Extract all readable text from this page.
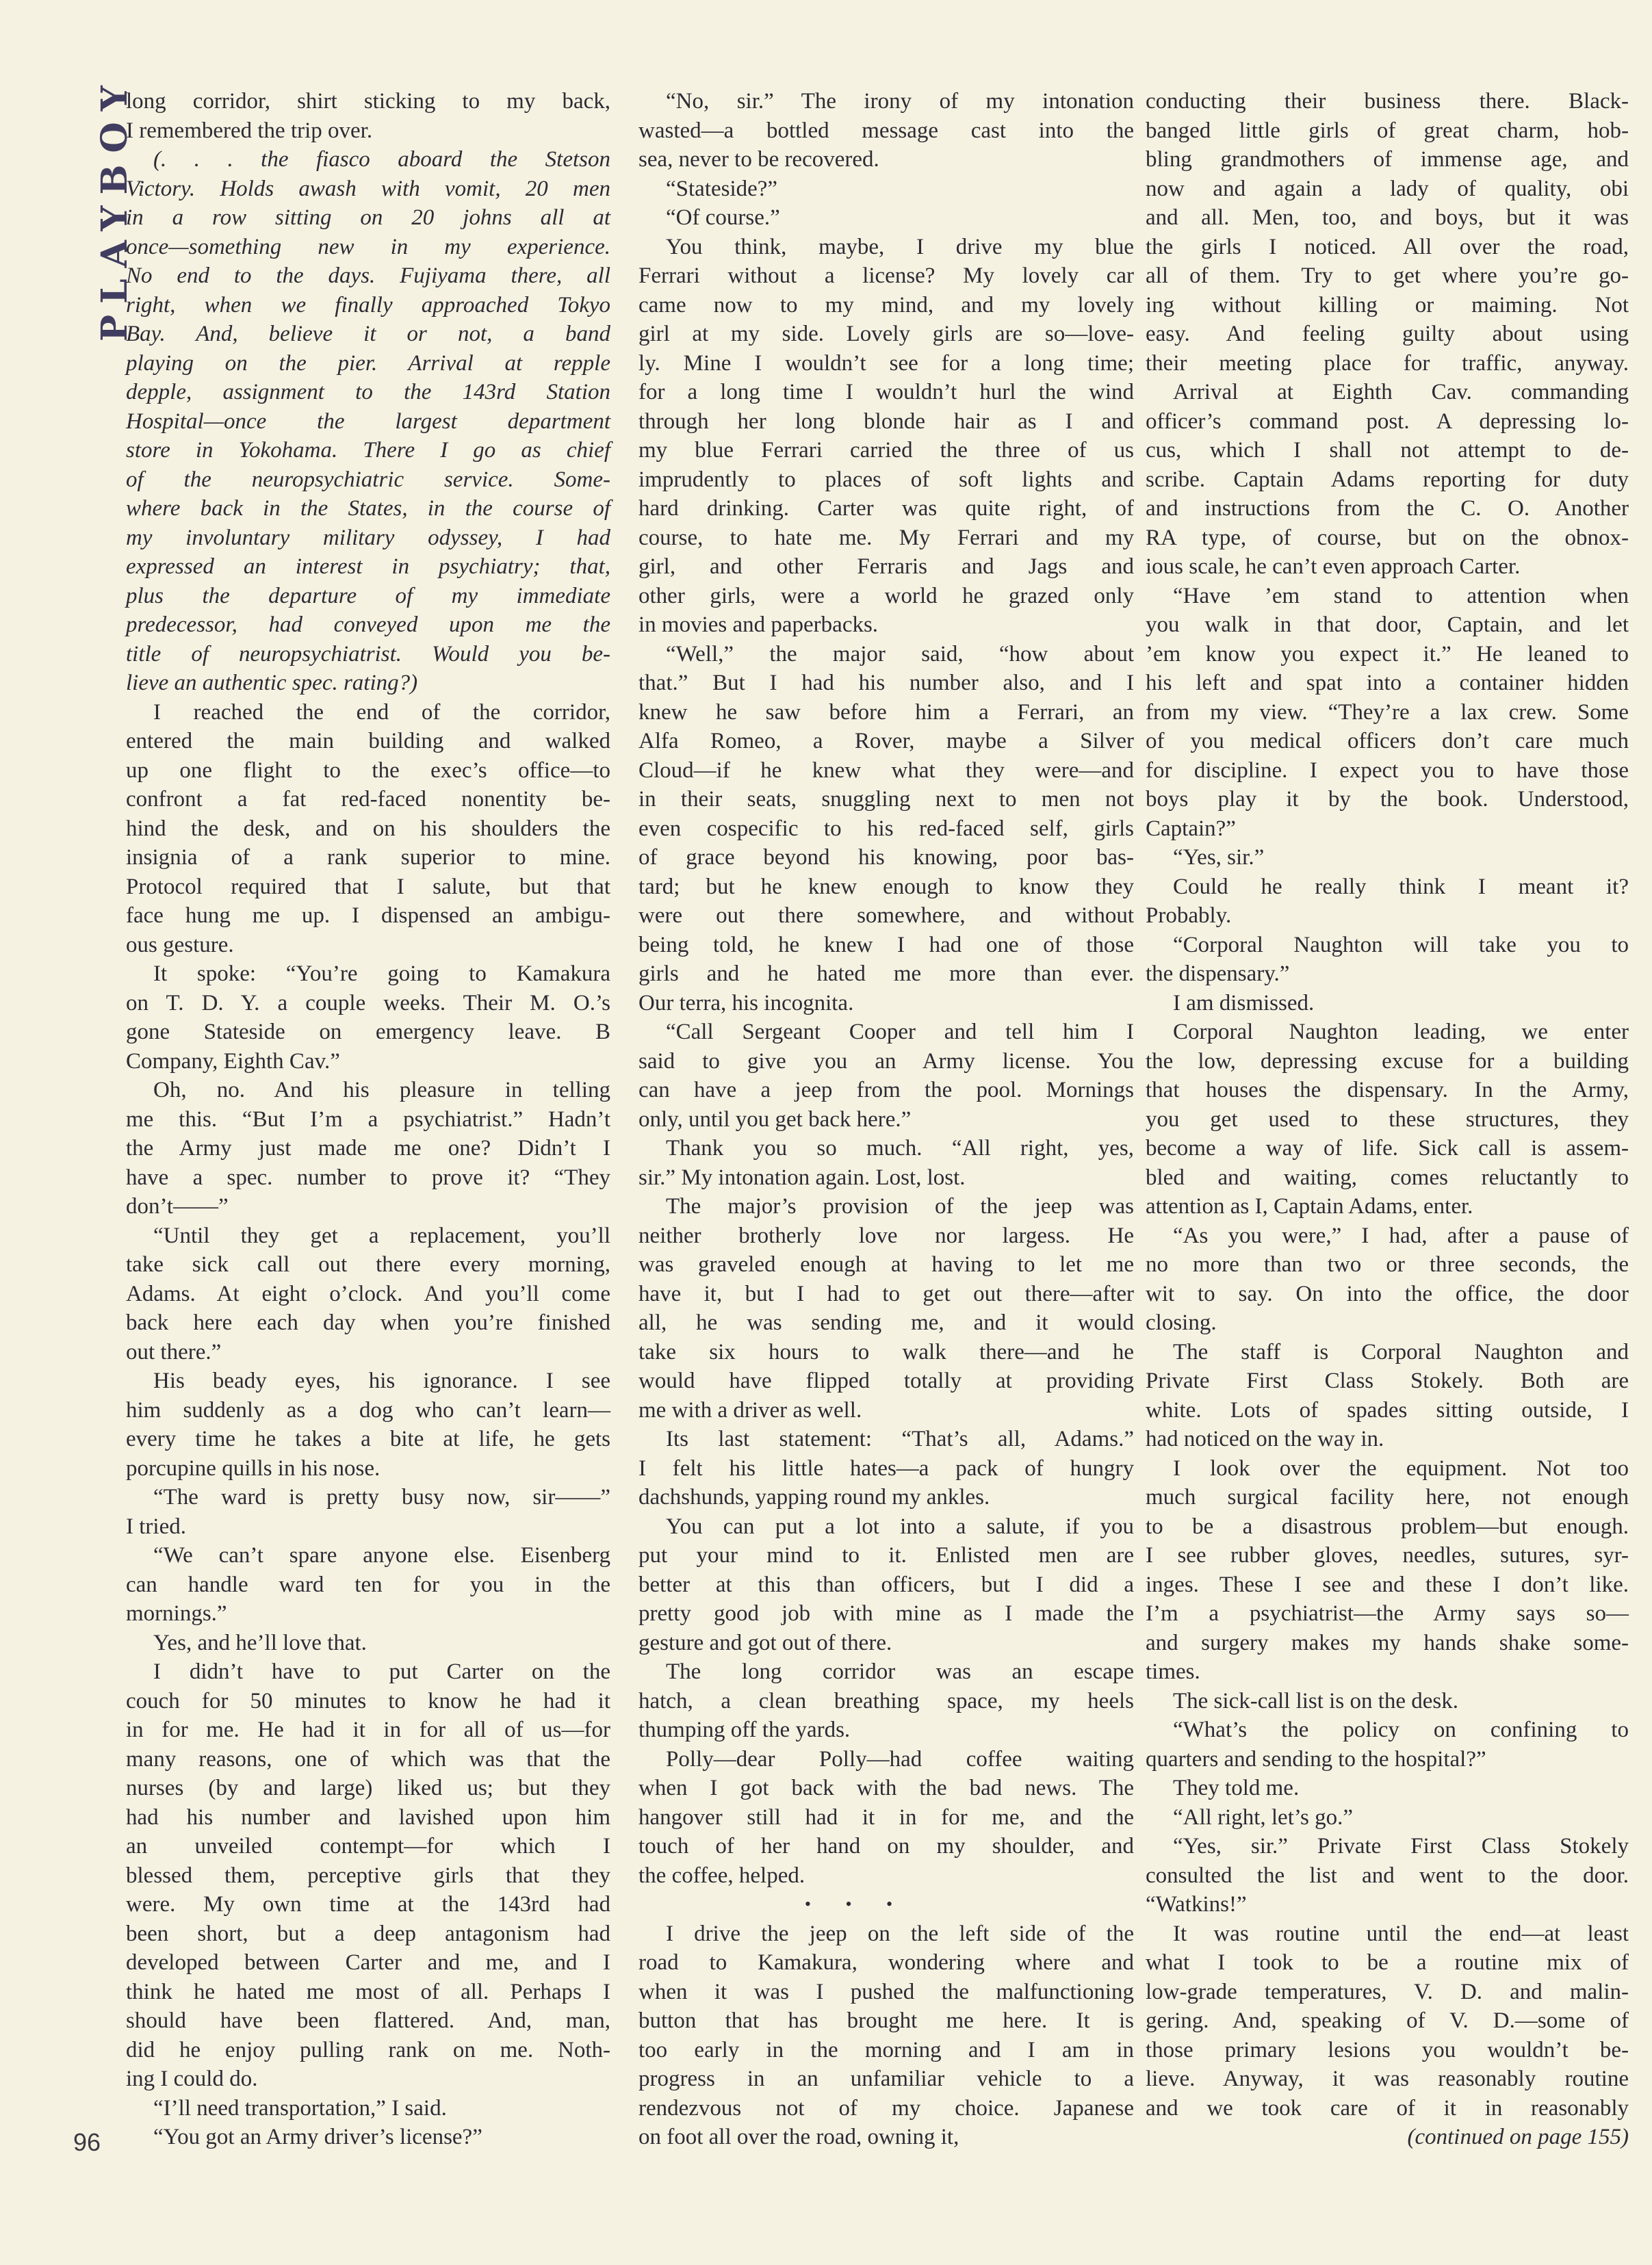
PLAYBOY
96
long corridor, shirt sticking to my back,
I remembered the trip over.
(. . . the fiasco aboard the Stetson
Victory. Holds awash with vomit, 20 men
in a row sitting on 20 johns all at
once—something new in my experience.
No end to the days. Fujiyama there, all
right, when we finally approached Tokyo
Bay. And, believe it or not, a band
playing on the pier. Arrival at repple
depple, assignment to the 143rd Station
Hospital—once the largest department
store in Yokohama. There I go as chief
of the neuropsychiatric service. Some-
where back in the States, in the course of
my involuntary military odyssey, I had
expressed an interest in psychiatry; that,
plus the departure of my immediate
predecessor, had conveyed upon me the
title of neuropsychiatrist. Would you be-
lieve an authentic spec. rating?)
I reached the end of the corridor,
entered the main building and walked
up one flight to the exec’s office—to
confront a fat red-faced nonentity be-
hind the desk, and on his shoulders the
insignia of a rank superior to mine.
Protocol required that I salute, but that
face hung me up. I dispensed an ambigu-
ous gesture.
It spoke: “You’re going to Kamakura
on T. D. Y. a couple weeks. Their M. O.’s
gone Stateside on emergency leave. B
Company, Eighth Cav.”
Oh, no. And his pleasure in telling
me this. “But I’m a psychiatrist.” Hadn’t
the Army just made me one? Didn’t I
have a spec. number to prove it? “They
don’t——”
“Until they get a replacement, you’ll
take sick call out there every morning,
Adams. At eight o’clock. And you’ll come
back here each day when you’re finished
out there.”
His beady eyes, his ignorance. I see
him suddenly as a dog who can’t learn—
every time he takes a bite at life, he gets
porcupine quills in his nose.
“The ward is pretty busy now, sir——”
I tried.
“We can’t spare anyone else. Eisenberg
can handle ward ten for you in the
mornings.”
Yes, and he’ll love that.
I didn’t have to put Carter on the
couch for 50 minutes to know he had it
in for me. He had it in for all of us—for
many reasons, one of which was that the
nurses (by and large) liked us; but they
had his number and lavished upon him
an unveiled contempt—for which I
blessed them, perceptive girls that they
were. My own time at the 143rd had
been short, but a deep antagonism had
developed between Carter and me, and I
think he hated me most of all. Perhaps I
should have been flattered. And, man,
did he enjoy pulling rank on me. Noth-
ing I could do.
“I’ll need transportation,” I said.
“You got an Army driver’s license?”
“No, sir.” The irony of my intonation
wasted—a bottled message cast into the
sea, never to be recovered.
“Stateside?”
“Of course.”
You think, maybe, I drive my blue
Ferrari without a license? My lovely car
came now to my mind, and my lovely
girl at my side. Lovely girls are so—love-
ly. Mine I wouldn’t see for a long time;
for a long time I wouldn’t hurl the wind
through her long blonde hair as I and
my blue Ferrari carried the three of us
imprudently to places of soft lights and
hard drinking. Carter was quite right, of
course, to hate me. My Ferrari and my
girl, and other Ferraris and Jags and
other girls, were a world he grazed only
in movies and paperbacks.
“Well,” the major said, “how about
that.” But I had his number also, and I
knew he saw before him a Ferrari, an
Alfa Romeo, a Rover, maybe a Silver
Cloud—if he knew what they were—and
in their seats, snuggling next to men not
even cospecific to his red-faced self, girls
of grace beyond his knowing, poor bas-
tard; but he knew enough to know they
were out there somewhere, and without
being told, he knew I had one of those
girls and he hated me more than ever.
Our terra, his incognita.
“Call Sergeant Cooper and tell him I
said to give you an Army license. You
can have a jeep from the pool. Mornings
only, until you get back here.”
Thank you so much. “All right, yes,
sir.” My intonation again. Lost, lost.
The major’s provision of the jeep was
neither brotherly love nor largess. He
was graveled enough at having to let me
have it, but I had to get out there—after
all, he was sending me, and it would
take six hours to walk there—and he
would have flipped totally at providing
me with a driver as well.
Its last statement: “That’s all, Adams.”
I felt his little hates—a pack of hungry
dachshunds, yapping round my ankles.
You can put a lot into a salute, if you
put your mind to it. Enlisted men are
better at this than officers, but I did a
pretty good job with mine as I made the
gesture and got out of there.
The long corridor was an escape
hatch, a clean breathing space, my heels
thumping off the yards.
Polly—dear Polly—had coffee waiting
when I got back with the bad news. The
hangover still had it in for me, and the
touch of her hand on my shoulder, and
the coffee, helped.
• • •
I drive the jeep on the left side of the
road to Kamakura, wondering where and
when it was I pushed the malfunctioning
button that has brought me here. It is
too early in the morning and I am in
progress in an unfamiliar vehicle to a
rendezvous not of my choice. Japanese
on foot all over the road, owning it,
conducting their business there. Black-
banged little girls of great charm, hob-
bling grandmothers of immense age, and
now and again a lady of quality, obi
and all. Men, too, and boys, but it was
the girls I noticed. All over the road,
all of them. Try to get where you’re go-
ing without killing or maiming. Not
easy. And feeling guilty about using
their meeting place for traffic, anyway.
Arrival at Eighth Cav. commanding
officer’s command post. A depressing lo-
cus, which I shall not attempt to de-
scribe. Captain Adams reporting for duty
and instructions from the C. O. Another
RA type, of course, but on the obnox-
ious scale, he can’t even approach Carter.
“Have ’em stand to attention when
you walk in that door, Captain, and let
’em know you expect it.” He leaned to
his left and spat into a container hidden
from my view. “They’re a lax crew. Some
of you medical officers don’t care much
for discipline. I expect you to have those
boys play it by the book. Understood,
Captain?”
“Yes, sir.”
Could he really think I meant it?
Probably.
“Corporal Naughton will take you to
the dispensary.”
I am dismissed.
Corporal Naughton leading, we enter
the low, depressing excuse for a building
that houses the dispensary. In the Army,
you get used to these structures, they
become a way of life. Sick call is assem-
bled and waiting, comes reluctantly to
attention as I, Captain Adams, enter.
“As you were,” I had, after a pause of
no more than two or three seconds, the
wit to say. On into the office, the door
closing.
The staff is Corporal Naughton and
Private First Class Stokely. Both are
white. Lots of spades sitting outside, I
had noticed on the way in.
I look over the equipment. Not too
much surgical facility here, not enough
to be a disastrous problem—but enough.
I see rubber gloves, needles, sutures, syr-
inges. These I see and these I don’t like.
I’m a psychiatrist—the Army says so—
and surgery makes my hands shake some-
times.
The sick-call list is on the desk.
“What’s the policy on confining to
quarters and sending to the hospital?”
They told me.
“All right, let’s go.”
“Yes, sir.” Private First Class Stokely
consulted the list and went to the door.
“Watkins!”
It was routine until the end—at least
what I took to be a routine mix of
low-grade temperatures, V. D. and malin-
gering. And, speaking of V. D.—some of
those primary lesions you wouldn’t be-
lieve. Anyway, it was reasonably routine
and we took care of it in reasonably
(continued on page 155)
